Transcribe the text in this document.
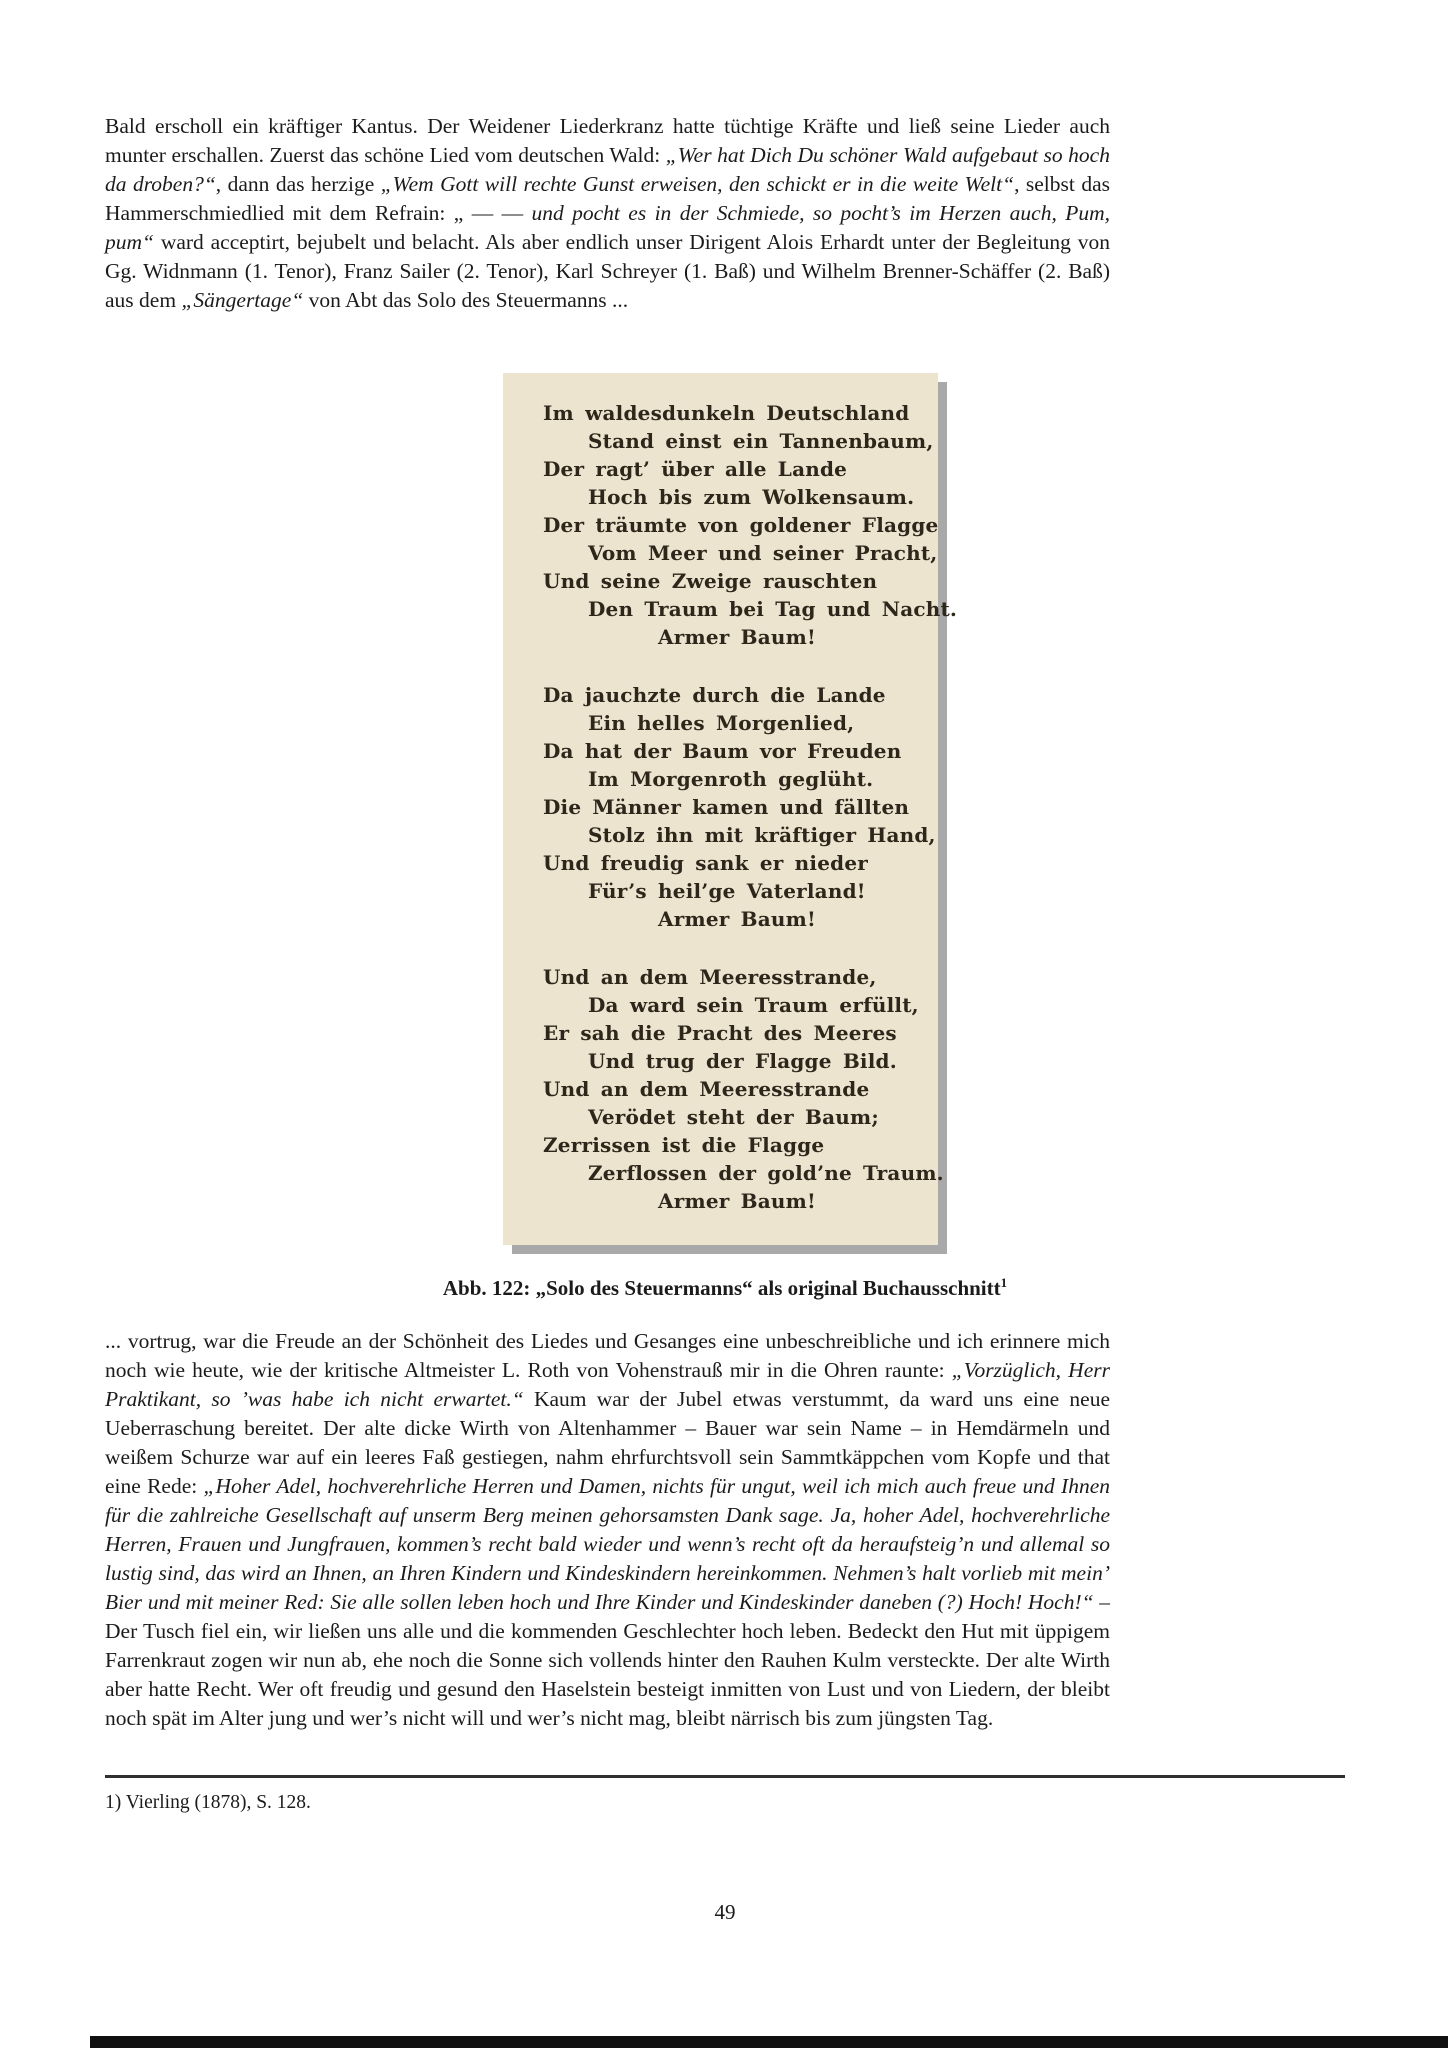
Bald erscholl ein kräftiger Kantus. Der Weidener Liederkranz hatte tüchtige Kräfte und ließ seine Lieder auch munter erschallen. Zuerst das schöne Lied vom deutschen Wald: „Wer hat Dich Du schöner Wald aufgebaut so hoch da droben?“, dann das herzige „Wem Gott will rechte Gunst erweisen, den schickt er in die weite Welt“, selbst das Hammerschmiedlied mit dem Refrain: „ — — und pocht es in der Schmiede, so pocht’s im Herzen auch, Pum, pum“ ward acceptirt, bejubelt und belacht. Als aber endlich unser Dirigent Alois Erhardt unter der Begleitung von Gg. Widnmann (1. Tenor), Franz Sailer (2. Tenor), Karl Schreyer (1. Baß) und Wilhelm Brenner-Schäffer (2. Baß) aus dem „Sängertage“ von Abt das Solo des Steuermanns ...

Im waldesdunkeln Deutschland
Stand einst ein Tannenbaum,
Der ragt’ über alle Lande
Hoch bis zum Wolkensaum.
Der träumte von goldener Flagge
Vom Meer und seiner Pracht,
Und seine Zweige rauschten
Den Traum bei Tag und Nacht.
Armer Baum!
Da jauchzte durch die Lande
Ein helles Morgenlied,
Da hat der Baum vor Freuden
Im Morgenroth geglüht.
Die Männer kamen und fällten
Stolz ihn mit kräftiger Hand,
Und freudig sank er nieder
Für’s heil’ge Vaterland!
Armer Baum!
Und an dem Meeresstrande,
Da ward sein Traum erfüllt,
Er sah die Pracht des Meeres
Und trug der Flagge Bild.
Und an dem Meeresstrande
Verödet steht der Baum;
Zerrissen ist die Flagge
Zerflossen der gold’ne Traum.
Armer Baum!
Abb. 122: „Solo des Steuermanns“ als original Buchausschnitt$^1$

... vortrug, war die Freude an der Schönheit des Liedes und Gesanges eine unbeschreibliche und ich erinnere mich noch wie heute, wie der kritische Altmeister L. Roth von Vohenstrauß mir in die Ohren raunte: „Vorzüglich, Herr Praktikant, so ’was habe ich nicht erwartet.“ Kaum war der Jubel etwas verstummt, da ward uns eine neue Ueberraschung bereitet. Der alte dicke Wirth von Altenhammer – Bauer war sein Name – in Hemdärmeln und weißem Schurze war auf ein leeres Faß gestiegen, nahm ehrfurchtsvoll sein Sammtkäppchen vom Kopfe und that eine Rede: „Hoher Adel, hochverehrliche Herren und Damen, nichts für ungut, weil ich mich auch freue und Ihnen für die zahlreiche Gesellschaft auf unserm Berg meinen gehorsamsten Dank sage. Ja, hoher Adel, hochverehrliche Herren, Frauen und Jungfrauen, kommen’s recht bald wieder und wenn’s recht oft da heraufsteig’n und allemal so lustig sind, das wird an Ihnen, an Ihren Kindern und Kindeskindern hereinkommen. Nehmen’s halt vorlieb mit mein’ Bier und mit meiner Red: Sie alle sollen leben hoch und Ihre Kinder und Kindeskinder daneben (?) Hoch! Hoch!“ – Der Tusch fiel ein, wir ließen uns alle und die kommenden Geschlechter hoch leben. Bedeckt den Hut mit üppigem Farrenkraut zogen wir nun ab, ehe noch die Sonne sich vollends hinter den Rauhen Kulm versteckte. Der alte Wirth aber hatte Recht. Wer oft freudig und gesund den Haselstein besteigt inmitten von Lust und von Liedern, der bleibt noch spät im Alter jung und wer’s nicht will und wer’s nicht mag, bleibt närrisch bis zum jüngsten Tag.

1) Vierling (1878), S. 128.

49
